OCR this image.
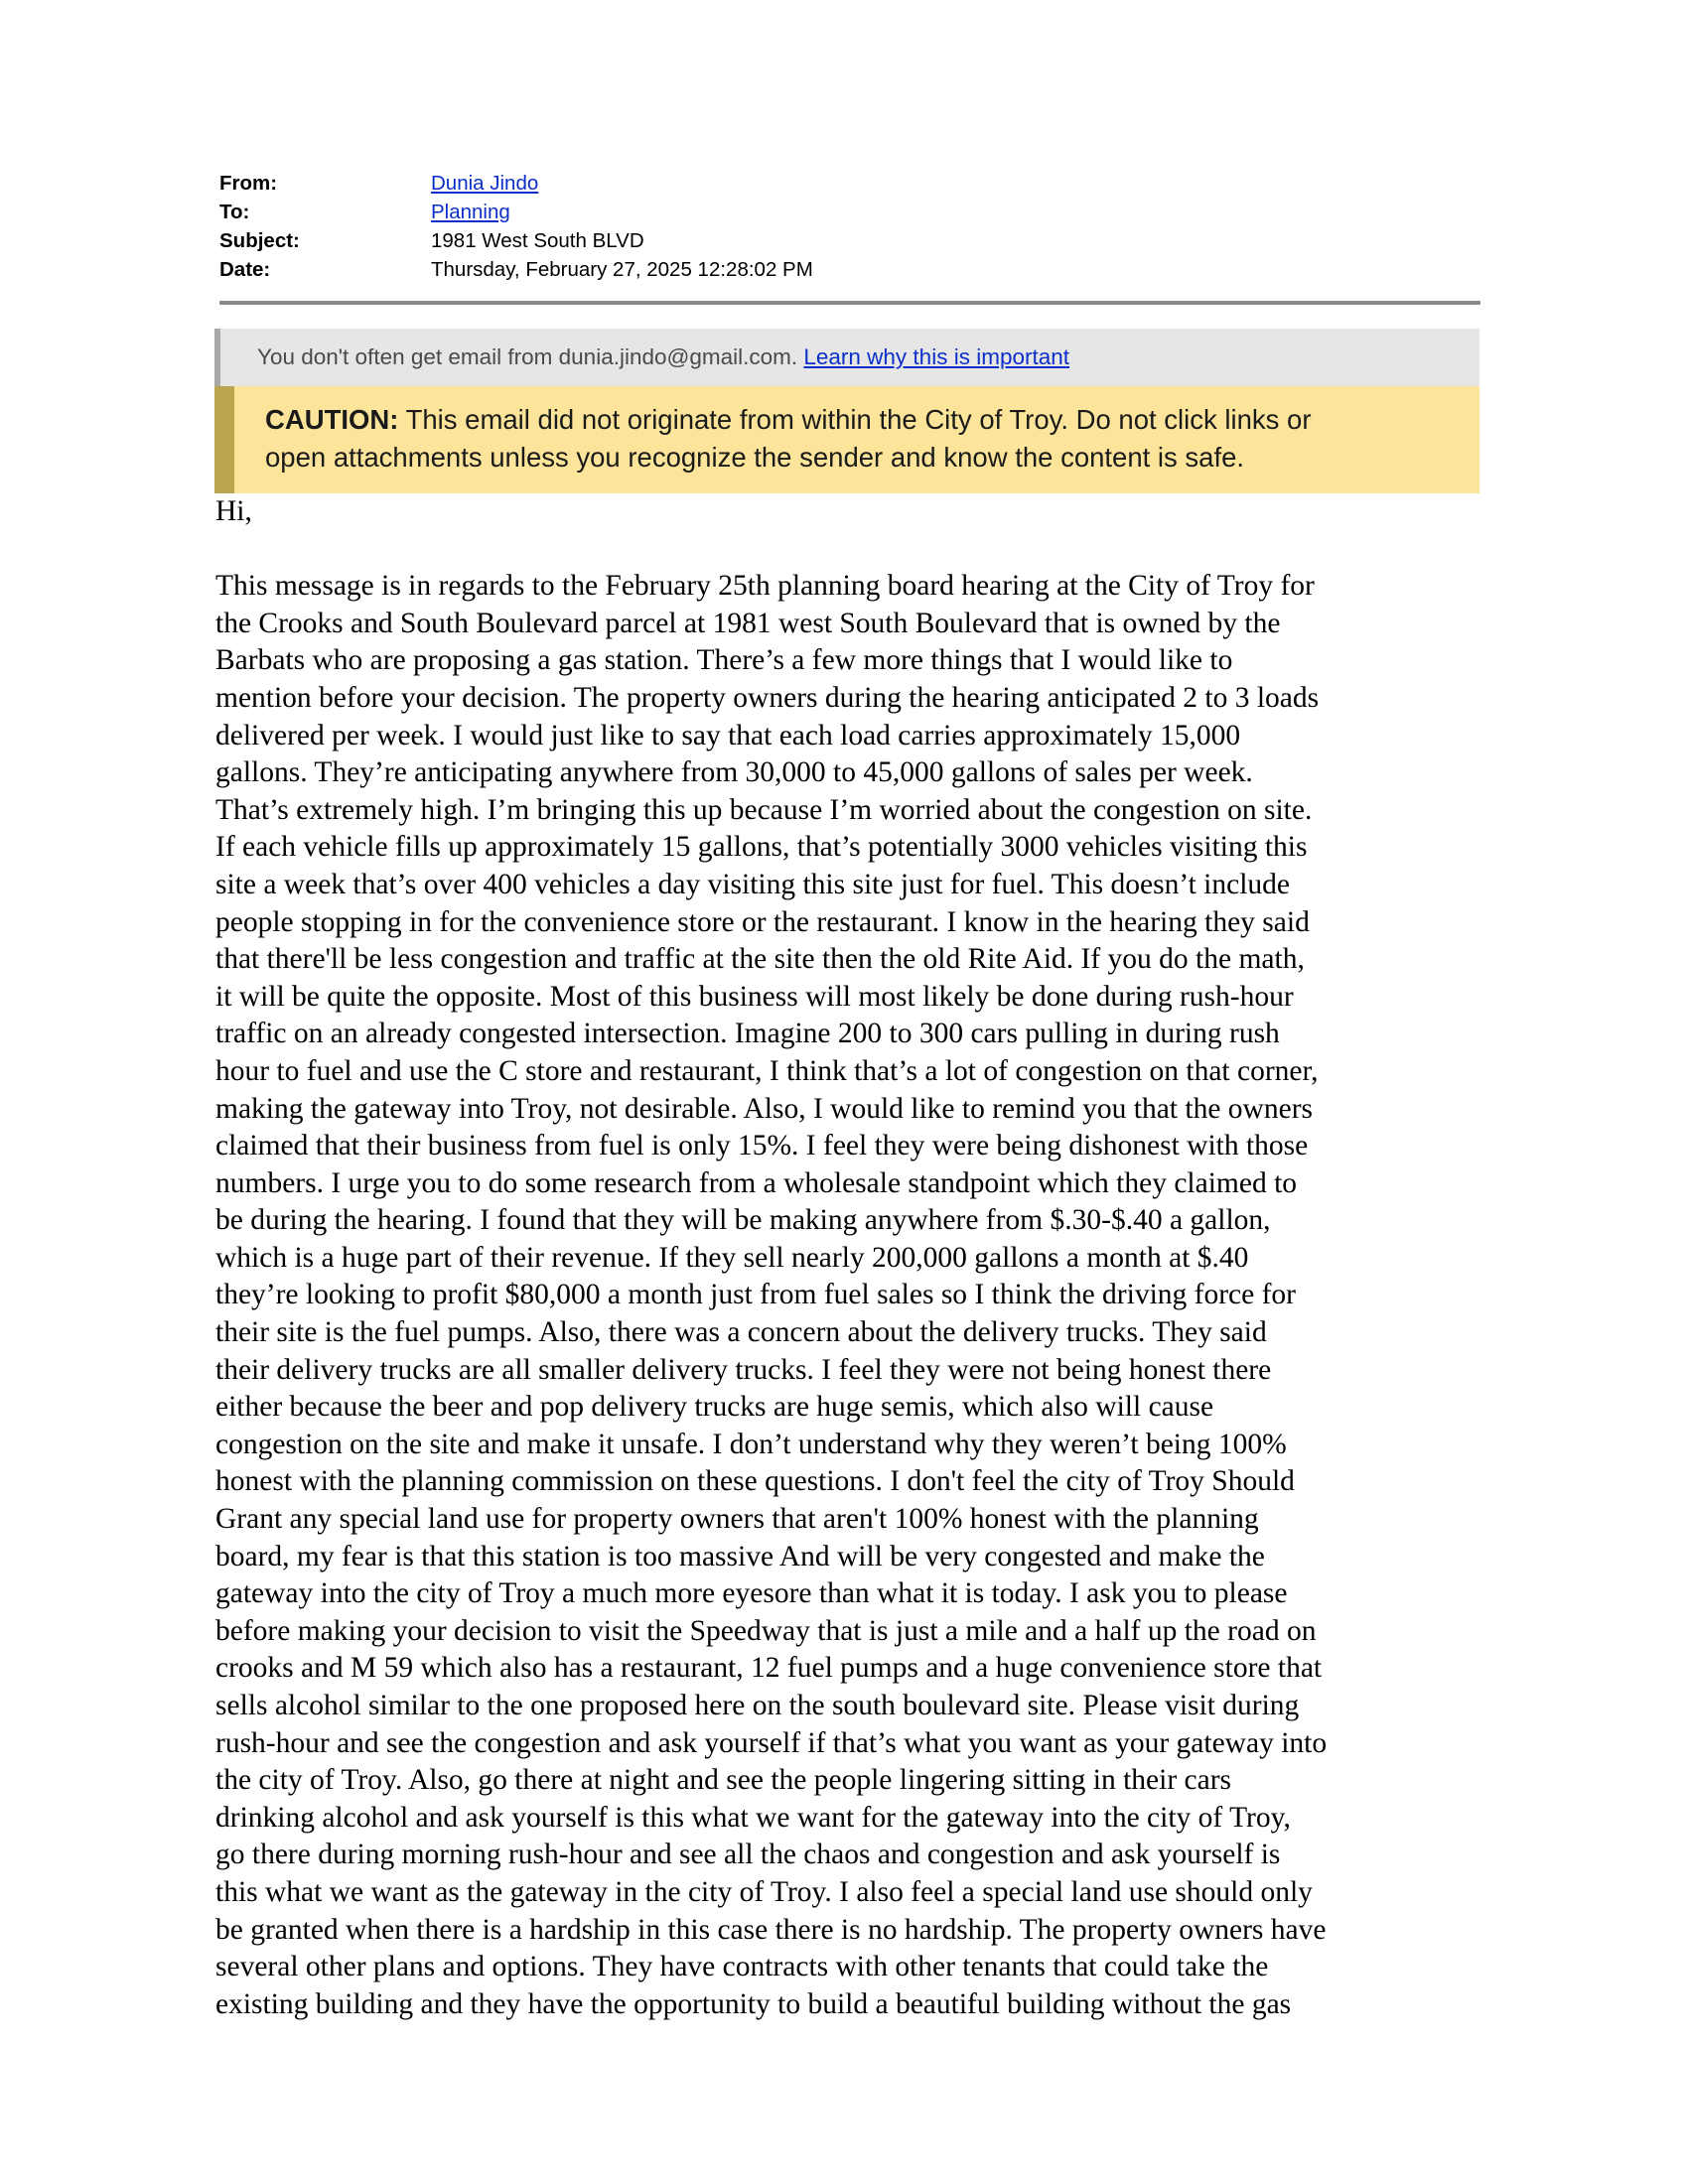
From:	Dunia Jindo
To:	Planning
Subject:	1981 West South BLVD
Date:	Thursday, February 27, 2025 12:28:02 PM
You don't often get email from dunia.jindo@gmail.com. Learn why this is important
CAUTION: This email did not originate from within the City of Troy. Do not click links or
open attachments unless you recognize the sender and know the content is safe.
Hi,
This message is in regards to the February 25th planning board hearing at the City of Troy for
the Crooks and South Boulevard parcel at 1981 west South Boulevard that is owned by the
Barbats who are proposing a gas station. There’s a few more things that I would like to
mention before your decision. The property owners during the hearing anticipated 2 to 3 loads
delivered per week. I would just like to say that each load carries approximately 15,000
gallons. They’re anticipating anywhere from 30,000 to 45,000 gallons of sales per week.
That’s extremely high. I’m bringing this up because I’m worried about the congestion on site.
If each vehicle fills up approximately 15 gallons, that’s potentially 3000 vehicles visiting this
site a week that’s over 400 vehicles a day visiting this site just for fuel. This doesn’t include
people stopping in for the convenience store or the restaurant. I know in the hearing they said
that there'll be less congestion and traffic at the site then the old Rite Aid. If you do the math,
it will be quite the opposite. Most of this business will most likely be done during rush-hour
traffic on an already congested intersection. Imagine 200 to 300 cars pulling in during rush
hour to fuel and use the C store and restaurant, I think that’s a lot of congestion on that corner,
making the gateway into Troy, not desirable. Also, I would like to remind you that the owners
claimed that their business from fuel is only 15%. I feel they were being dishonest with those
numbers. I urge you to do some research from a wholesale standpoint which they claimed to
be during the hearing. I found that they will be making anywhere from $.30-$.40 a gallon,
which is a huge part of their revenue. If they sell nearly 200,000 gallons a month at $.40
they’re looking to profit $80,000 a month just from fuel sales so I think the driving force for
their site is the fuel pumps. Also, there was a concern about the delivery trucks. They said
their delivery trucks are all smaller delivery trucks. I feel they were not being honest there
either because the beer and pop delivery trucks are huge semis, which also will cause
congestion on the site and make it unsafe. I don’t understand why they weren’t being 100%
honest with the planning commission on these questions. I don't feel the city of Troy Should
Grant any special land use for property owners that aren't 100% honest with the planning
board, my fear is that this station is too massive And will be very congested and make the
gateway into the city of Troy a much more eyesore than what it is today. I ask you to please
before making your decision to visit the Speedway that is just a mile and a half up the road on
crooks and M 59 which also has a restaurant, 12 fuel pumps and a huge convenience store that
sells alcohol similar to the one proposed here on the south boulevard site. Please visit during
rush-hour and see the congestion and ask yourself if that’s what you want as your gateway into
the city of Troy. Also, go there at night and see the people lingering sitting in their cars
drinking alcohol and ask yourself is this what we want for the gateway into the city of Troy,
go there during morning rush-hour and see all the chaos and congestion and ask yourself is
this what we want as the gateway in the city of Troy. I also feel a special land use should only
be granted when there is a hardship in this case there is no hardship. The property owners have
several other plans and options. They have contracts with other tenants that could take the
existing building and they have the opportunity to build a beautiful building without the gas
